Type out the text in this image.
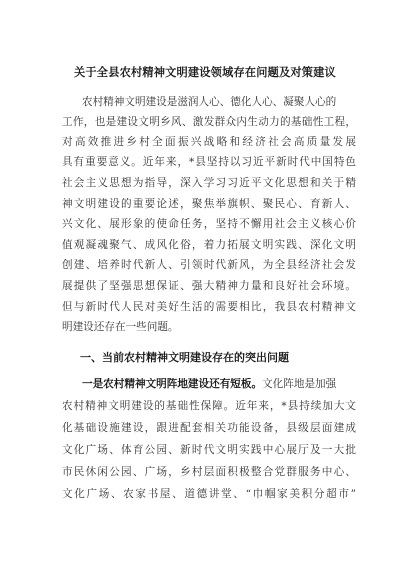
关于全县农村精神文明建设领域存在问题及对策建议
农村精神文明建设是滋润人心、德化人心、凝聚人心的
工作，也是建设文明乡风、激发群众内生动力的基础性工程，
对高效推进乡村全面振兴战略和经济社会高质量发展
具有重要意义。近年来，*县坚持以习近平新时代中国特色
社会主义思想为指导，深入学习习近平文化思想和关于精
神文明建设的重要论述，聚焦举旗帜、聚民心、育新人、
兴文化、展形象的使命任务，坚持不懈用社会主义核心价
值观凝魂聚气、成风化俗，着力拓展文明实践、深化文明
创建、培养时代新人、引领时代新风，为全县经济社会发
展提供了坚强思想保证、强大精神力量和良好社会环境。
但与新时代人民对美好生活的需要相比，我县农村精神文
明建设还存在一些问题。
一、当前农村精神文明建设存在的突出问题
一是农村精神文明阵地建设还有短板。文化阵地是加强
农村精神文明建设的基础性保障。近年来，*县持续加大文
化基础设施建设，跟进配套相关功能设备，县级层面建成
文化广场、体育公园、新时代文明实践中心展厅及一大批
市民休闲公园、广场，乡村层面积极整合党群服务中心、
文化广场、农家书屋、道德讲堂、“巾帼家美积分超市”
